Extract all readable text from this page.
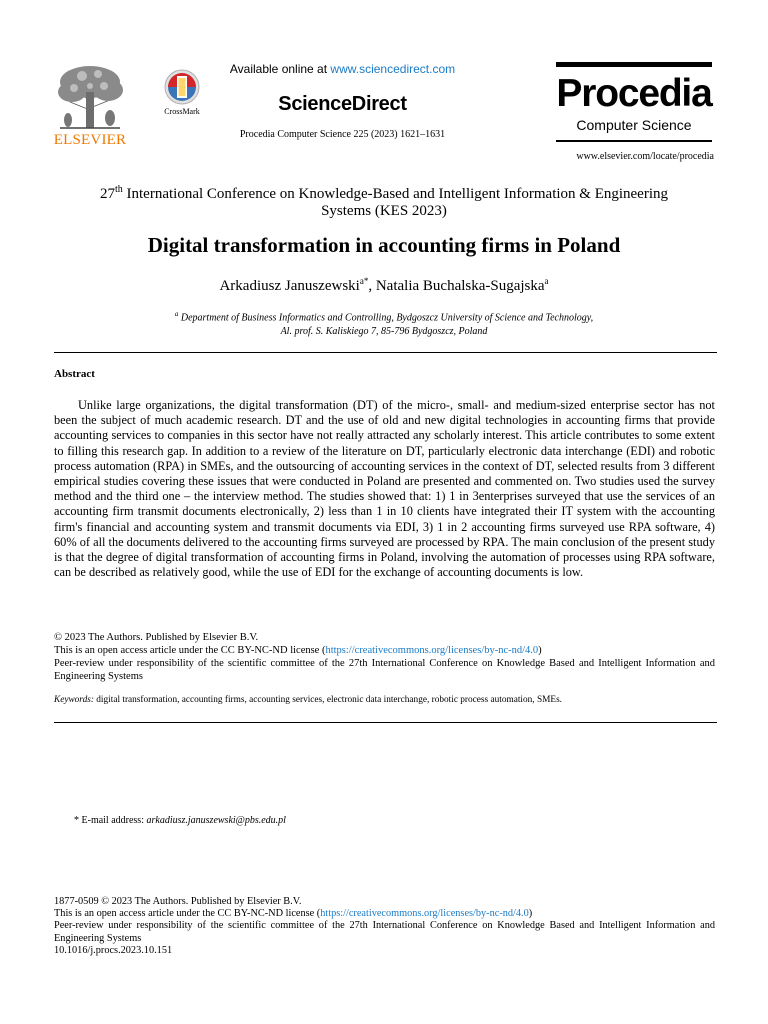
ELSEVIER
CrossMark
Available online at www.sciencedirect.com
ScienceDirect
Procedia Computer Science 225 (2023) 1621–1631
Procedia
Computer Science
www.elsevier.com/locate/procedia
27th International Conference on Knowledge-Based and Intelligent Information & Engineering
Systems (KES 2023)
Digital transformation in accounting firms in Poland
Arkadiusz Januszewski$^{a*}$, Natalia Buchalska-Sugajska$^a$
$^a$ Department of Business Informatics and Controlling, Bydgoszcz University of Science and Technology,
Al. prof. S. Kaliskiego 7, 85-796 Bydgoszcz, Poland
Abstract
Unlike large organizations, the digital transformation (DT) of the micro-, small- and medium-sized enterprise sector has not been the subject of much academic research. DT and the use of old and new digital technologies in accounting firms that provide accounting services to companies in this sector have not really attracted any scholarly interest. This article contributes to some extent to filling this research gap. In addition to a review of the literature on DT, particularly electronic data interchange (EDI) and robotic process automation (RPA) in SMEs, and the outsourcing of accounting services in the context of DT, selected results from 3 different empirical studies covering these issues that were conducted in Poland are presented and commented on. Two studies used the survey method and the third one – the interview method. The studies showed that: 1) 1 in 3enterprises surveyed that use the services of an accounting firm transmit documents electronically, 2) less than 1 in 10 clients have integrated their IT system with the accounting firm's financial and accounting system and transmit documents via EDI, 3) 1 in 2 accounting firms surveyed use RPA software, 4) 60% of all the documents delivered to the accounting firms surveyed are processed by RPA. The main conclusion of the present study is that the degree of digital transformation of accounting firms in Poland, involving the automation of processes using RPA software, can be described as relatively good, while the use of EDI for the exchange of accounting documents is low.
© 2023 The Authors. Published by Elsevier B.V.
This is an open access article under the CC BY-NC-ND license (https://creativecommons.org/licenses/by-nc-nd/4.0)
Peer-review under responsibility of the scientific committee of the 27th International Conference on Knowledge Based and Intelligent Information and Engineering Systems
Keywords: digital transformation, accounting firms, accounting services, electronic data interchange, robotic process automation, SMEs.
* E-mail address: arkadiusz.januszewski@pbs.edu.pl
1877-0509 © 2023 The Authors. Published by Elsevier B.V.
This is an open access article under the CC BY-NC-ND license (https://creativecommons.org/licenses/by-nc-nd/4.0)
Peer-review under responsibility of the scientific committee of the 27th International Conference on Knowledge Based and Intelligent Information and Engineering Systems
10.1016/j.procs.2023.10.151
